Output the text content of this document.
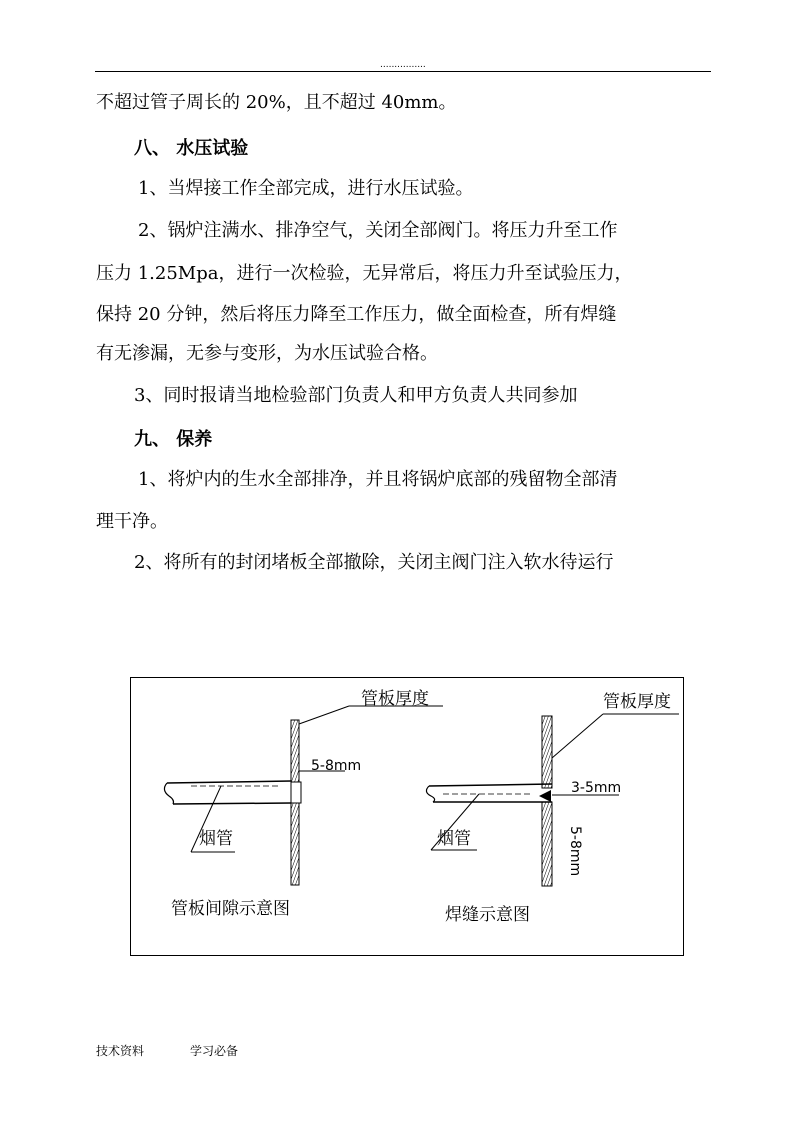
................
不超过管子周长的 20%，且不超过 40mm。
八、 水压试验
1、当焊接工作全部完成，进行水压试验。
2、锅炉注满水、排净空气，关闭全部阀门。将压力升至工作
压力 1.25Mpa，进行一次检验，无异常后，将压力升至试验压力，
保持 20 分钟，然后将压力降至工作压力，做全面检查，所有焊缝
有无渗漏，无参与变形，为水压试验合格。
3、同时报请当地检验部门负责人和甲方负责人共同参加
九、 保养
1、将炉内的生水全部排净，并且将锅炉底部的残留物全部清
理干净。
2、将所有的封闭堵板全部撤除，关闭主阀门注入软水待运行
管板厚度
5-8mm
烟管
管板间隙示意图
管板厚度
3-5mm
5-8mm
烟管
焊缝示意图
技术资料	学习必备
